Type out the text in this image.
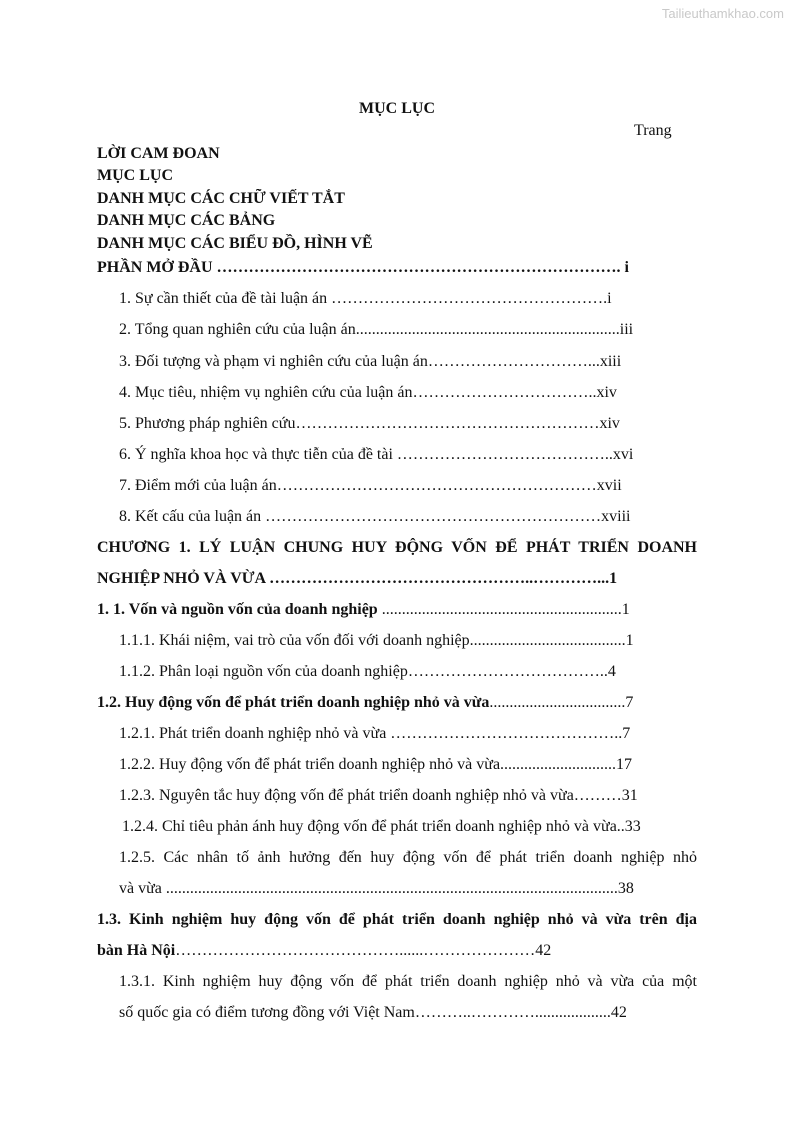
Tailieuthamkhao.com
MỤC LỤC
Trang
LỜI CAM ĐOAN
MỤC LỤC
DANH MỤC CÁC CHỮ VIẾT TẮT
DANH MỤC CÁC BẢNG
DANH MỤC CÁC BIỂU ĐỒ, HÌNH VẼ
PHẦN MỞ ĐẦU …………………………………………………………………. i
1. Sự cần thiết của đề tài luận án …………………………………………….i
2. Tổng quan nghiên cứu của luận án..................................................................iii
3. Đối tượng và phạm vi nghiên cứu của luận án…………………………...xiii
4. Mục tiêu, nhiệm vụ nghiên cứu của luận án……………………………..xiv
5. Phương pháp nghiên cứu…………………………………………………xiv
6. Ý nghĩa khoa học và thực tiễn của đề tài …………………………………..xvi
7. Điểm mới của luận án……………………………………………………xvii
8. Kết cấu của luận án ………………………………………………………xviii
CHƯƠNG 1. LÝ LUẬN CHUNG HUY ĐỘNG VỐN ĐỂ PHÁT TRIỂN DOANH
NGHIỆP NHỎ VÀ VỪA …………………………………………..…………...1
1. 1. Vốn và nguồn vốn của doanh nghiệp ............................................................1
1.1.1. Khái niệm, vai trò của vốn đối với doanh nghiệp.......................................1
1.1.2. Phân loại nguồn vốn của doanh nghiệp………………………………..4
1.2. Huy động vốn để phát triển doanh nghiệp nhỏ và vừa..................................7
1.2.1. Phát triển doanh nghiệp nhỏ và vừa ……………………………………..7
1.2.2. Huy động vốn để phát triển doanh nghiệp nhỏ và vừa.............................17
1.2.3. Nguyên tắc huy động vốn để phát triển doanh nghiệp nhỏ và vừa………31
1.2.4. Chỉ tiêu phản ánh huy động vốn để phát triển doanh nghiệp nhỏ và vừa..33
1.2.5. Các nhân tố ảnh hưởng đến huy động vốn để phát triển doanh nghiệp nhỏ
và vừa .................................................................................................................38
1.3. Kinh nghiệm huy động vốn để phát triển doanh nghiệp nhỏ và vừa trên địa
bàn Hà Nội……………………………………......…………………42
1.3.1. Kinh nghiệm huy động vốn để phát triển doanh nghiệp nhỏ và vừa của một
số quốc gia có điểm tương đồng với Việt Nam………..…………...................42
